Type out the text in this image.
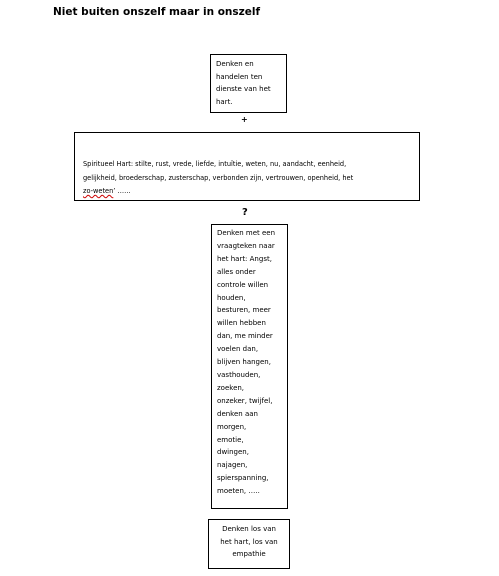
Niet buiten onszelf maar in onszelf
Denken en
handelen ten
dienste van het
hart.
+
Spiritueel Hart: stilte, rust, vrede, liefde, intuïtie, weten, nu, aandacht, eenheid,
gelijkheid, broederschap, zusterschap, verbonden zijn, vertrouwen, openheid, het
zo-weten’ ……
?
Denken met een
vraagteken naar
het hart: Angst,
alles onder
controle willen
houden,
besturen, meer
willen hebben
dan, me minder
voelen dan,
blijven hangen,
vasthouden,
zoeken,
onzeker, twijfel,
denken aan
morgen,
emotie,
dwingen,
najagen,
spierspanning,
moeten, …..
Denken los van
het hart, los van
empathie
